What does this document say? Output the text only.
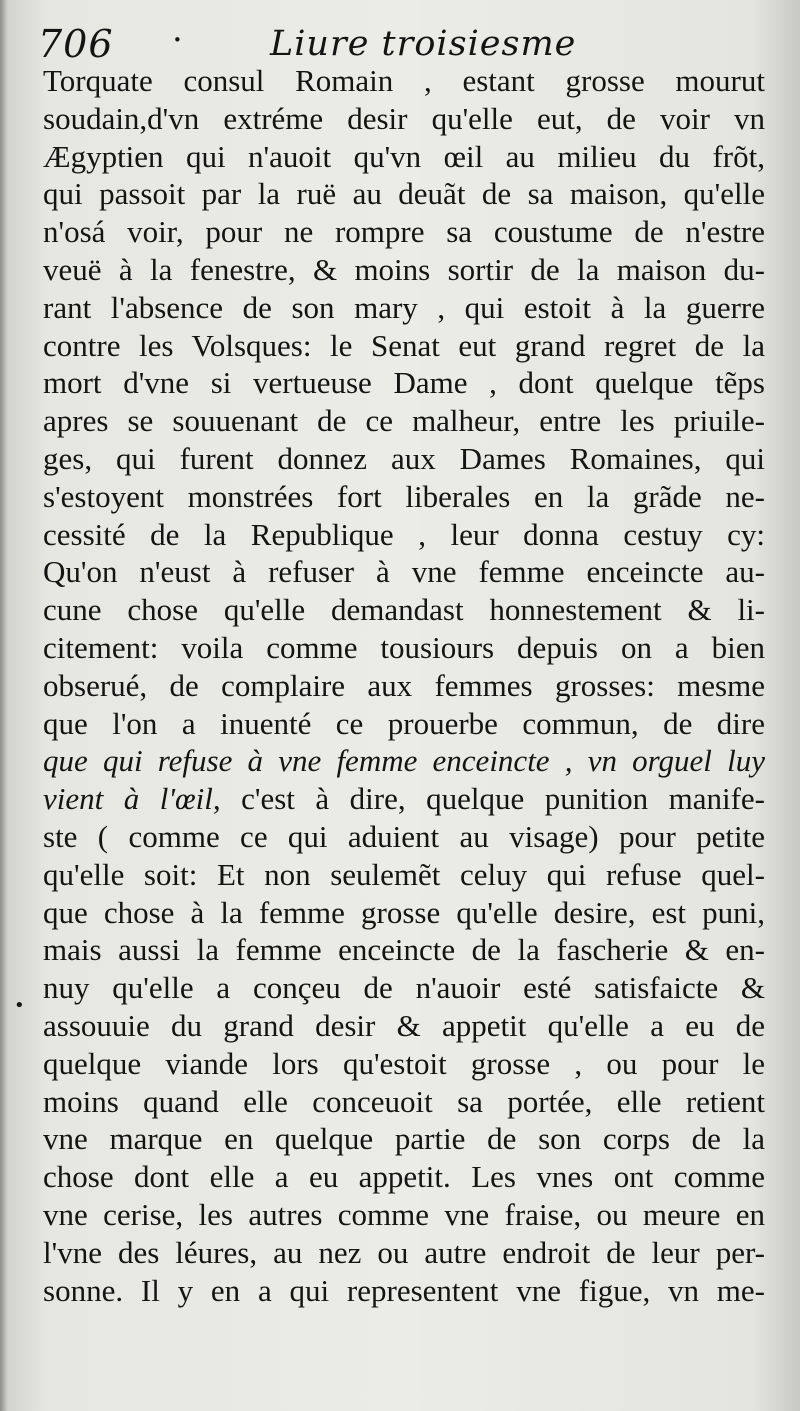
706 · Liure troisiesme
•
Torquate consul Romain , estant grosse mourut
soudain,d'vn extréme desir qu'elle eut, de voir vn
Ægyptien qui n'auoit qu'vn œil au milieu du frõt,
qui passoit par la ruë au deuãt de sa maison, qu'elle
n'osá voir, pour ne rompre sa coustume de n'estre
veuë à la fenestre, & moins sortir de la maison du-
rant l'absence de son mary , qui estoit à la guerre
contre les Volsques: le Senat eut grand regret de la
mort d'vne si vertueuse Dame , dont quelque tẽps
apres se souuenant de ce malheur, entre les priuile-
ges, qui furent donnez aux Dames Romaines, qui
s'estoyent monstrées fort liberales en la grãde ne-
cessité de la Republique , leur donna cestuy cy:
Qu'on n'eust à refuser à vne femme enceincte au-
cune chose qu'elle demandast honnestement & li-
citement: voila comme tousiours depuis on a bien
obserué, de complaire aux femmes grosses: mesme
que l'on a inuenté ce prouerbe commun, de dire
que qui refuse à vne femme enceincte , vn orguel luy
vient à l'œil, c'est à dire, quelque punition manife-
ste ( comme ce qui aduient au visage) pour petite
qu'elle soit: Et non seulemẽt celuy qui refuse quel-
que chose à la femme grosse qu'elle desire, est puni,
mais aussi la femme enceincte de la fascherie & en-
nuy qu'elle a conçeu de n'auoir esté satisfaicte &
assouuie du grand desir & appetit qu'elle a eu de
quelque viande lors qu'estoit grosse , ou pour le
moins quand elle conceuoit sa portée, elle retient
vne marque en quelque partie de son corps de la
chose dont elle a eu appetit. Les vnes ont comme
vne cerise, les autres comme vne fraise, ou meure en
l'vne des léures, au nez ou autre endroit de leur per-
sonne. Il y en a qui representent vne figue, vn me-
